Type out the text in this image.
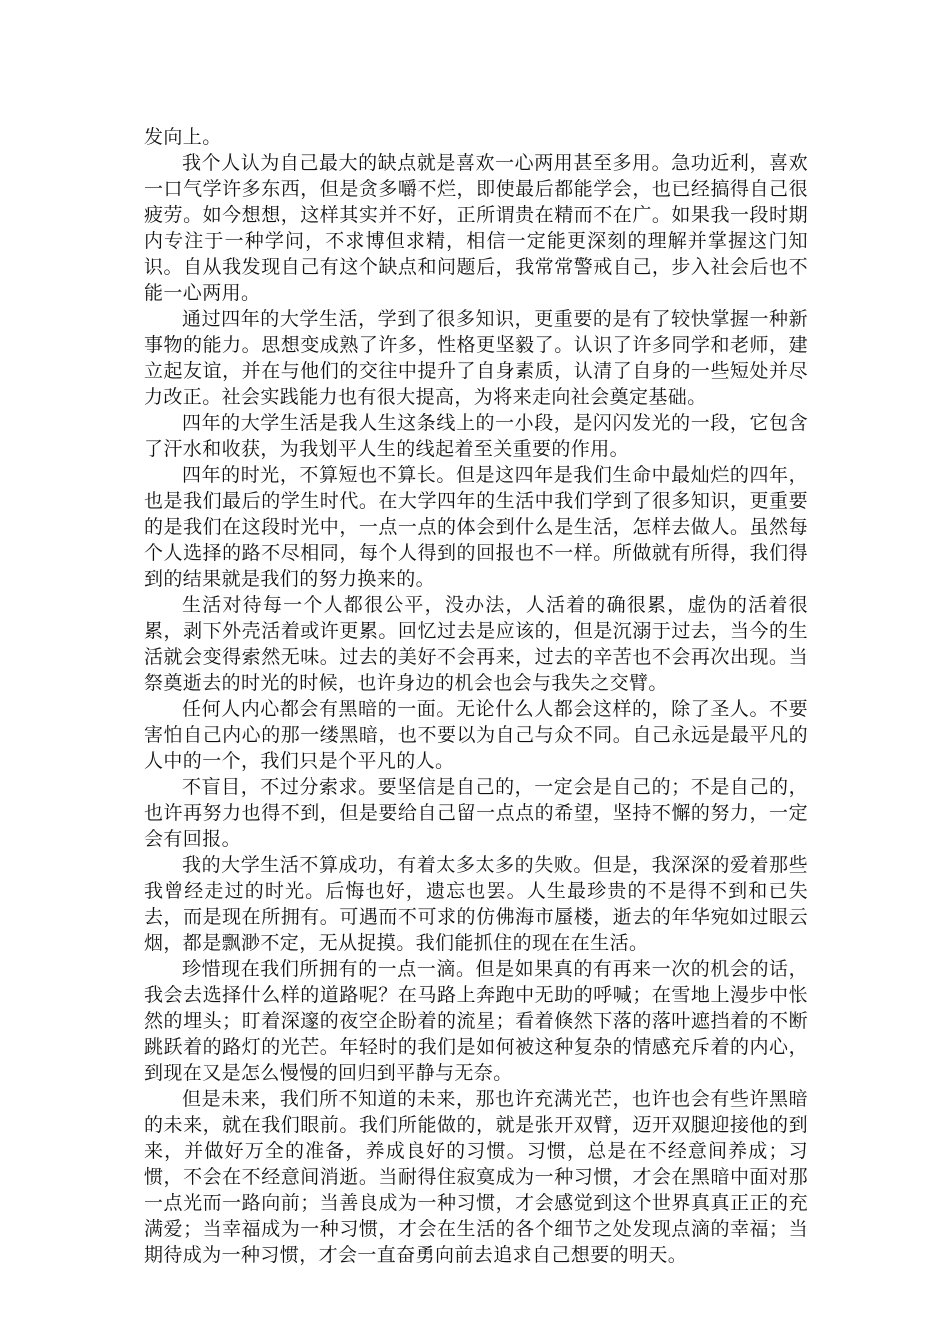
发向上。

我个人认为自己最大的缺点就是喜欢一心两用甚至多用。急功近利，喜欢一口气学许多东西，但是贪多嚼不烂，即使最后都能学会，也已经搞得自己很疲劳。如今想想，这样其实并不好，正所谓贵在精而不在广。如果我一段时期内专注于一种学问，不求博但求精，相信一定能更深刻的理解并掌握这门知识。自从我发现自己有这个缺点和问题后，我常常警戒自己，步入社会后也不能一心两用。

通过四年的大学生活，学到了很多知识，更重要的是有了较快掌握一种新事物的能力。思想变成熟了许多，性格更坚毅了。认识了许多同学和老师，建立起友谊，并在与他们的交往中提升了自身素质，认清了自身的一些短处并尽力改正。社会实践能力也有很大提高，为将来走向社会奠定基础。

四年的大学生活是我人生这条线上的一小段，是闪闪发光的一段，它包含了汗水和收获，为我划平人生的线起着至关重要的作用。

四年的时光，不算短也不算长。但是这四年是我们生命中最灿烂的四年，也是我们最后的学生时代。在大学四年的生活中我们学到了很多知识，更重要的是我们在这段时光中，一点一点的体会到什么是生活，怎样去做人。虽然每个人选择的路不尽相同，每个人得到的回报也不一样。所做就有所得，我们得到的结果就是我们的努力换来的。

生活对待每一个人都很公平，没办法，人活着的确很累，虚伪的活着很累，剥下外壳活着或许更累。回忆过去是应该的，但是沉溺于过去，当今的生活就会变得索然无味。过去的美好不会再来，过去的辛苦也不会再次出现。当祭奠逝去的时光的时候，也许身边的机会也会与我失之交臂。

任何人内心都会有黑暗的一面。无论什么人都会这样的，除了圣人。不要害怕自己内心的那一缕黑暗，也不要以为自己与众不同。自己永远是最平凡的人中的一个，我们只是个平凡的人。

不盲目，不过分索求。要坚信是自己的，一定会是自己的；不是自己的，也许再努力也得不到，但是要给自己留一点点的希望，坚持不懈的努力，一定会有回报。

我的大学生活不算成功，有着太多太多的失败。但是，我深深的爱着那些我曾经走过的时光。后悔也好，遗忘也罢。人生最珍贵的不是得不到和已失去，而是现在所拥有。可遇而不可求的仿佛海市蜃楼，逝去的年华宛如过眼云烟，都是飘渺不定，无从捉摸。我们能抓住的现在在生活。

珍惜现在我们所拥有的一点一滴。但是如果真的有再来一次的机会的话，我会去选择什么样的道路呢？在马路上奔跑中无助的呼喊；在雪地上漫步中怅然的埋头；盯着深邃的夜空企盼着的流星；看着倏然下落的落叶遮挡着的不断跳跃着的路灯的光芒。年轻时的我们是如何被这种复杂的情感充斥着的内心，到现在又是怎么慢慢的回归到平静与无奈。

但是未来，我们所不知道的未来，那也许充满光芒，也许也会有些许黑暗的未来，就在我们眼前。我们所能做的，就是张开双臂，迈开双腿迎接他的到来，并做好万全的准备，养成良好的习惯。习惯，总是在不经意间养成；习惯，不会在不经意间消逝。当耐得住寂寞成为一种习惯，才会在黑暗中面对那一点光而一路向前；当善良成为一种习惯，才会感觉到这个世界真真正正的充满爱；当幸福成为一种习惯，才会在生活的各个细节之处发现点滴的幸福；当期待成为一种习惯，才会一直奋勇向前去追求自己想要的明天。
